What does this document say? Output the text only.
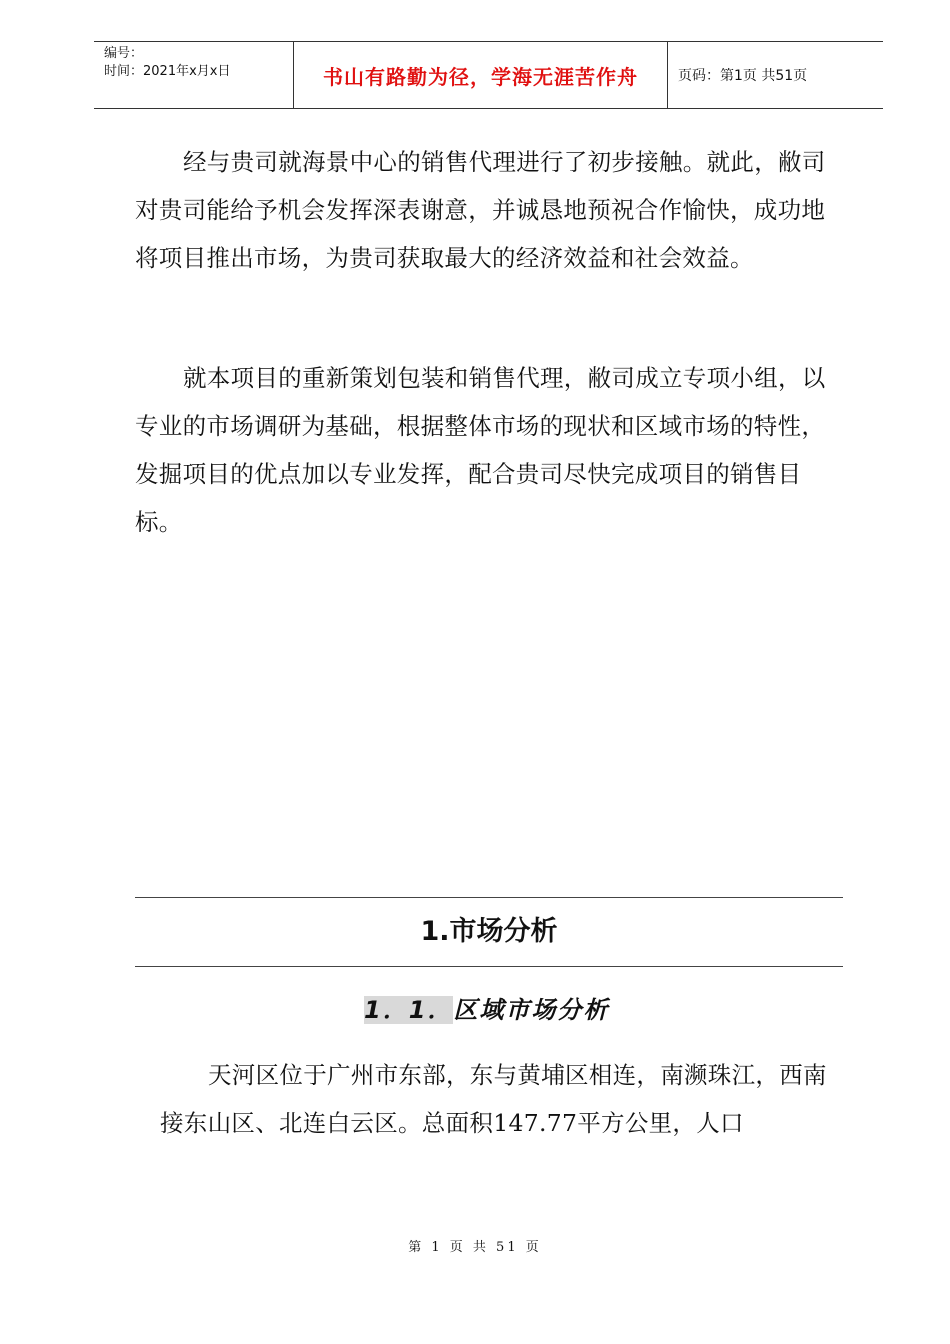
编号：
时间：2021年x月x日	书山有路勤为径，学海无涯苦作舟	页码：第1页 共51页

经与贵司就海景中心的销售代理进行了初步接触。就此，敝司对贵司能给予机会发挥深表谢意，并诚恳地预祝合作愉快，成功地将项目推出市场，为贵司获取最大的经济效益和社会效益。

就本项目的重新策划包装和销售代理，敝司成立专项小组，以专业的市场调研为基础，根据整体市场的现状和区域市场的特性，发掘项目的优点加以专业发挥，配合贵司尽快完成项目的销售目标。

1.市场分析
1．1．区域市场分析

天河区位于广州市东部，东与黄埔区相连，南濒珠江，西南接东山区、北连白云区。总面积147.77平方公里，人口

第 1 页 共 51 页
